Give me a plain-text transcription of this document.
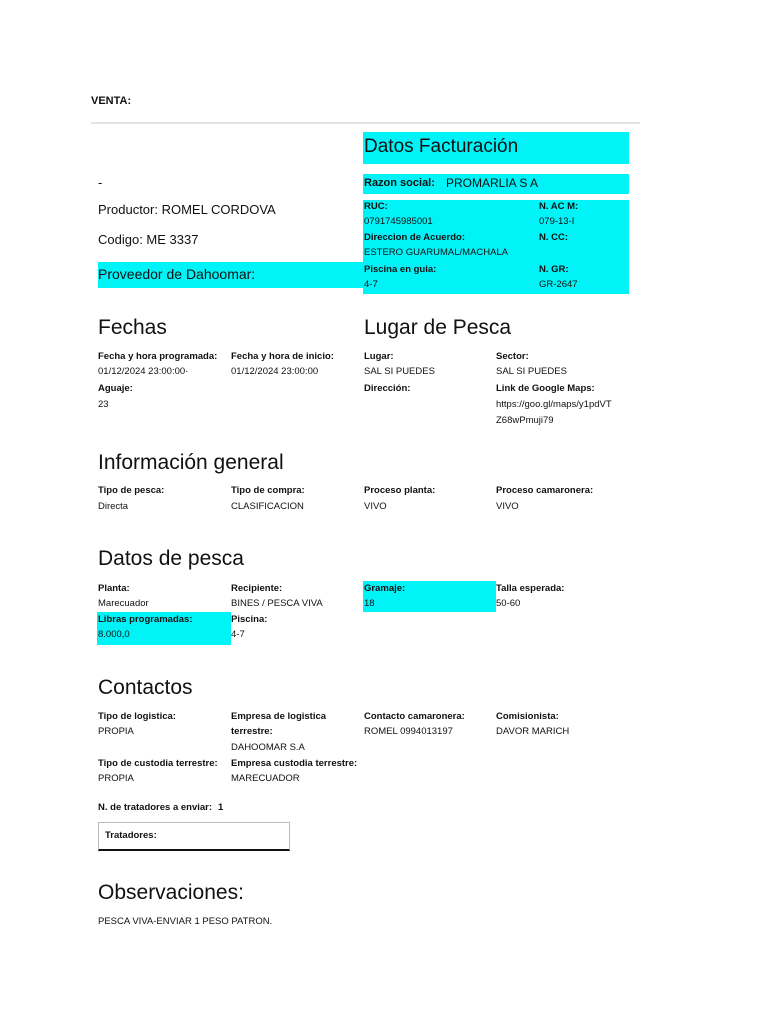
VENTA:
-
Productor: ROMEL CORDOVA
Codigo: ME 3337
Proveedor de Dahoomar:
Datos Facturación
Razon social: PROMARLIA S A
RUC:
0791745985001
N. AC M:
079-13-I
Direccion de Acuerdo:
ESTERO GUARUMAL/MACHALA
N. CC:
Piscina en guia:
4-7
N. GR:
GR-2647
Fechas
Fecha y hora programada:
01/12/2024 23:00:00·
Fecha y hora de inicio:
01/12/2024 23:00:00
Aguaje:
23
Lugar de Pesca
Lugar:
SAL SI PUEDES
Sector:
SAL SI PUEDES
Dirección:	Link de Google Maps:
https://goo.gl/maps/y1pdVT
Z68wPmuji79
Información general
Tipo de pesca:
Directa
Tipo de compra:
CLASIFICACION
Proceso planta:
VIVO
Proceso camaronera:
VIVO
Datos de pesca
Planta:
Marecuador
Recipiente:
BINES / PESCA VIVA
Gramaje:
18
Talla esperada:
50-60
Libras programadas:
8.000,0
Piscina:
4-7
Contactos
Tipo de logistica:
PROPIA
Empresa de logistica
terrestre:
DAHOOMAR S.A
Contacto camaronera:
ROMEL 0994013197
Comisionista:
DAVOR MARICH
Tipo de custodia terrestre:
PROPIA
Empresa custodia terrestre:
MARECUADOR
N. de tratadores a enviar: 1
Tratadores:
Observaciones:
PESCA VIVA-ENVIAR 1 PESO PATRON.
